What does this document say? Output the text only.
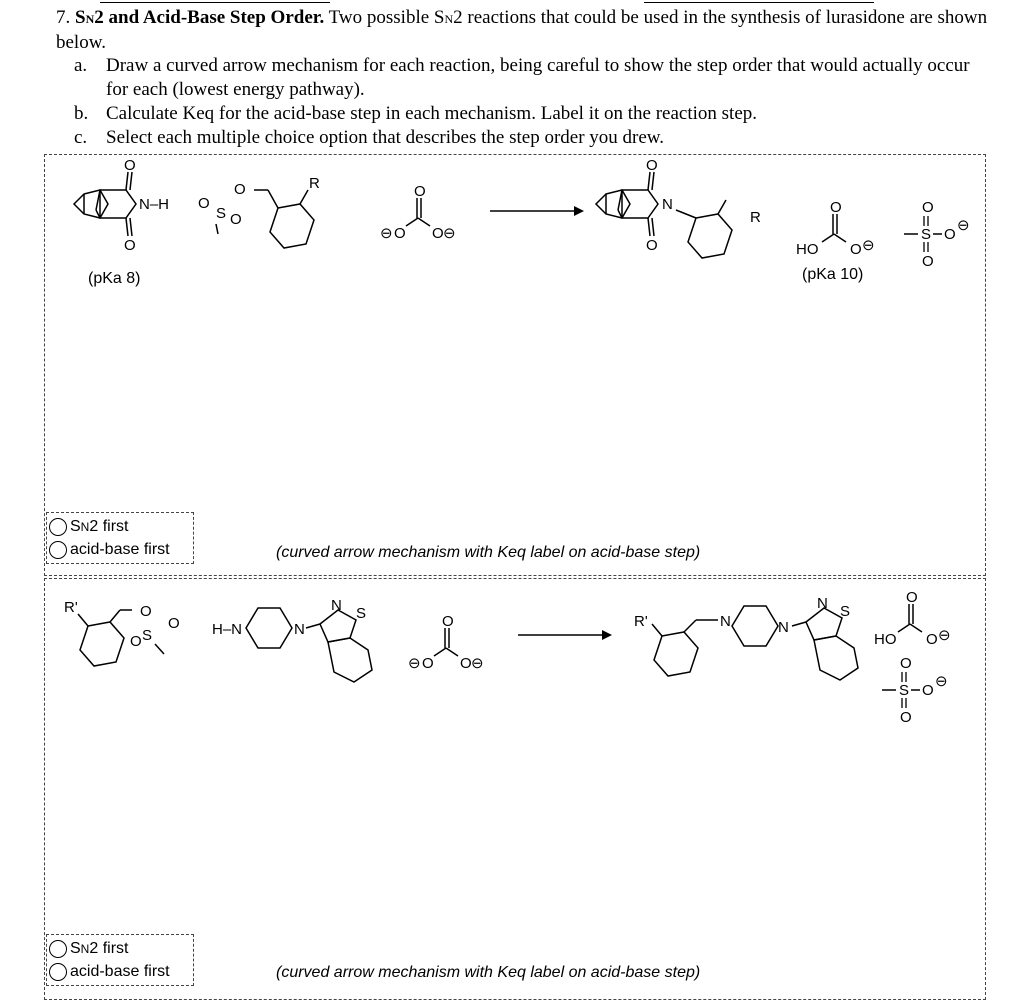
7. SN2 and Acid-Base Step Order. Two possible SN2 reactions that could be used in the synthesis of lurasidone are shown below.
a. Draw a curved arrow mechanism for each reaction, being careful to show the step order that would actually occur for each (lowest energy pathway).
b. Calculate Keq for the acid-base step in each mechanism. Label it on the reaction step.
c. Select each multiple choice option that describes the step order you drew.
O
N–H
O
(pKa 8)
O
O
S O
R	O
⊖ O O ⊖
O
N
O
R
O
HO O ⊖
(pKa 10)
O
S O
⊖
O
SN2 first
acid-base first	(curved arrow mechanism with Keq label on acid-base step)
R'	O
O S
O H–N	N
N S	O
⊖ O O ⊖
R'	N	N
N S
O
HO O ⊖
O
S O
⊖
O
SN2 first
acid-base first	(curved arrow mechanism with Keq label on acid-base step)
